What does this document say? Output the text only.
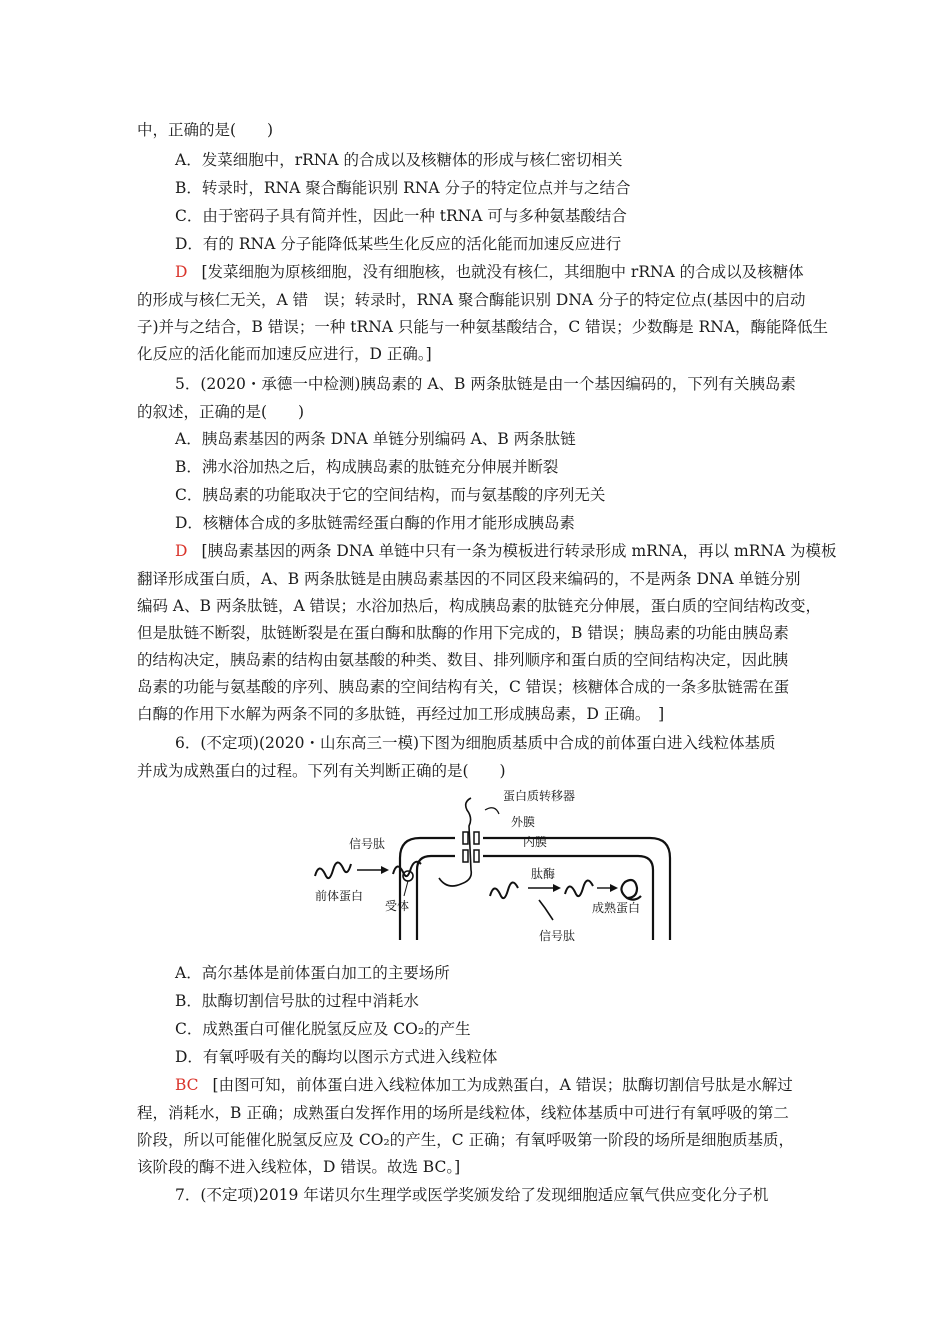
中，正确的是(　　)
A．发菜细胞中，rRNA 的合成以及核糖体的形成与核仁密切相关
B．转录时，RNA 聚合酶能识别 RNA 分子的特定位点并与之结合
C．由于密码子具有简并性，因此一种 tRNA 可与多种氨基酸结合
D．有的 RNA 分子能降低某些生化反应的活化能而加速反应进行
D [发菜细胞为原核细胞，没有细胞核，也就没有核仁，其细胞中 rRNA 的合成以及核糖体
的形成与核仁无关，A 错　误；转录时，RNA 聚合酶能识别 DNA 分子的特定位点(基因中的启动
子)并与之结合，B 错误；一种 tRNA 只能与一种氨基酸结合，C 错误；少数酶是 RNA，酶能降低生
化反应的活化能而加速反应进行，D 正确。]
5．(2020・承德一中检测)胰岛素的 A、B 两条肽链是由一个基因编码的，下列有关胰岛素
的叙述，正确的是(　　)
A．胰岛素基因的两条 DNA 单链分别编码 A、B 两条肽链
B．沸水浴加热之后，构成胰岛素的肽链充分伸展并断裂
C．胰岛素的功能取决于它的空间结构，而与氨基酸的序列无关
D．核糖体合成的多肽链需经蛋白酶的作用才能形成胰岛素
D [胰岛素基因的两条 DNA 单链中只有一条为模板进行转录形成 mRNA，再以 mRNA 为模板
翻译形成蛋白质，A、B 两条肽链是由胰岛素基因的不同区段来编码的，不是两条 DNA 单链分别
编码 A、B 两条肽链，A 错误；水浴加热后，构成胰岛素的肽链充分伸展，蛋白质的空间结构改变，
但是肽链不断裂，肽链断裂是在蛋白酶和肽酶的作用下完成的，B 错误；胰岛素的功能由胰岛素
的结构决定，胰岛素的结构由氨基酸的种类、数目、排列顺序和蛋白质的空间结构决定，因此胰
岛素的功能与氨基酸的序列、胰岛素的空间结构有关，C 错误；核糖体合成的一条多肽链需在蛋
白酶的作用下水解为两条不同的多肽链，再经过加工形成胰岛素，D 正确。　]
6．(不定项)(2020・山东高三一模)下图为细胞质基质中合成的前体蛋白进入线粒体基质
并成为成熟蛋白的过程。下列有关判断正确的是(　　)
蛋白质转移器
外膜
内膜
信号肽
前体蛋白
受体
肽酶
成熟蛋白
信号肽
A．高尔基体是前体蛋白加工的主要场所
B．肽酶切割信号肽的过程中消耗水
C．成熟蛋白可催化脱氢反应及 CO₂的产生
D．有氧呼吸有关的酶均以图示方式进入线粒体
BC [由图可知，前体蛋白进入线粒体加工为成熟蛋白，A 错误；肽酶切割信号肽是水解过
程，消耗水，B 正确；成熟蛋白发挥作用的场所是线粒体，线粒体基质中可进行有氧呼吸的第二
阶段，所以可能催化脱氢反应及 CO₂的产生，C 正确；有氧呼吸第一阶段的场所是细胞质基质，
该阶段的酶不进入线粒体，D 错误。故选 BC。]
7．(不定项)2019 年诺贝尔生理学或医学奖颁发给了发现细胞适应氧气供应变化分子机
